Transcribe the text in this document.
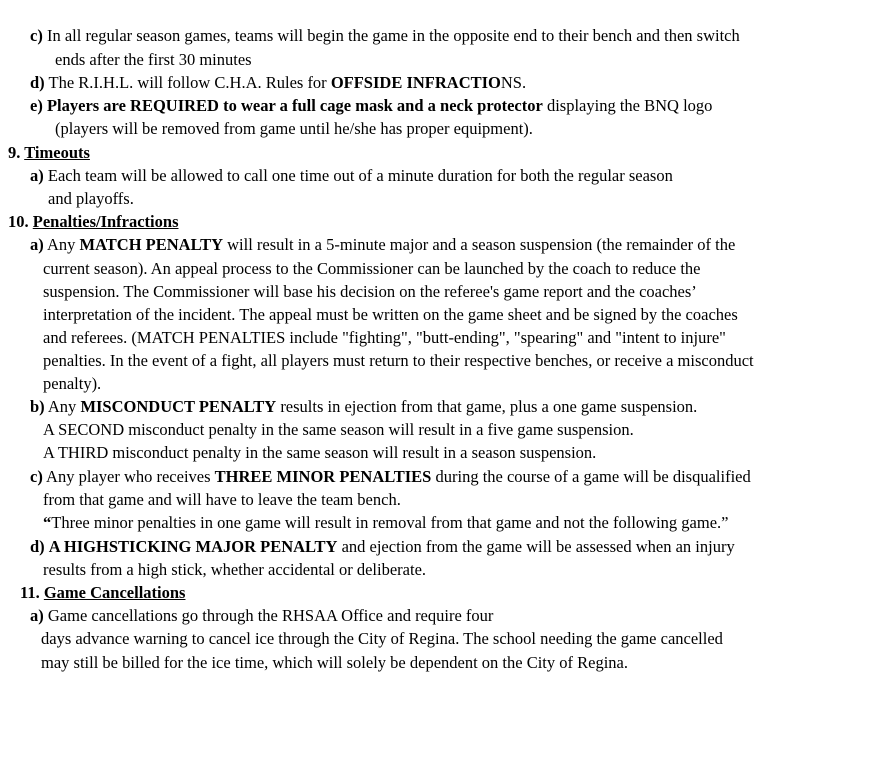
c) In all regular season games, teams will begin the game in the opposite end to their bench and then switch
ends after the first 30 minutes
d) The R.I.H.L. will follow C.H.A. Rules for OFFSIDE INFRACTIONS.
e) Players are REQUIRED to wear a full cage mask and a neck protector displaying the BNQ logo
(players will be removed from game until he/she has proper equipment).
9. Timeouts
a) Each team will be allowed to call one time out of a minute duration for both the regular season
and playoffs.
10. Penalties/Infractions
a) Any MATCH PENALTY will result in a 5-minute major and a season suspension (the remainder of the
current season). An appeal process to the Commissioner can be launched by the coach to reduce the
suspension. The Commissioner will base his decision on the referee's game report and the coaches’
interpretation of the incident. The appeal must be written on the game sheet and be signed by the coaches
and referees. (MATCH PENALTIES include "fighting", "butt-ending", "spearing" and "intent to injure"
penalties. In the event of a fight, all players must return to their respective benches, or receive a misconduct
penalty).
b) Any MISCONDUCT PENALTY results in ejection from that game, plus a one game suspension.
A SECOND misconduct penalty in the same season will result in a five game suspension.
A THIRD misconduct penalty in the same season will result in a season suspension.
c) Any player who receives THREE MINOR PENALTIES during the course of a game will be disqualified
from that game and will have to leave the team bench.
“Three minor penalties in one game will result in removal from that game and not the following game.”
d) A HIGHSTICKING MAJOR PENALTY and ejection from the game will be assessed when an injury
results from a high stick, whether accidental or deliberate.
11. Game Cancellations
a) Game cancellations go through the RHSAA Office and require four
days advance warning to cancel ice through the City of Regina. The school needing the game cancelled
may still be billed for the ice time, which will solely be dependent on the City of Regina.
